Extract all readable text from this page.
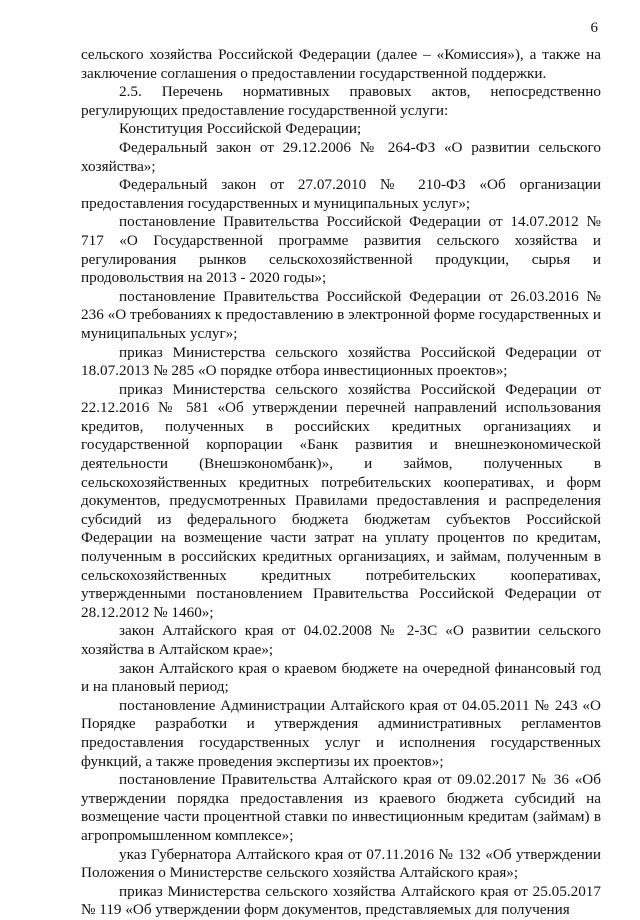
6

сельского хозяйства Российской Федерации (далее – «Комиссия»), а также на заключение соглашения о предоставлении государственной поддержки.

2.5. Перечень нормативных правовых актов, непосредственно регулирующих предоставление государственной услуги:

Конституция Российской Федерации;

Федеральный закон от 29.12.2006 № 264-ФЗ «О развитии сельского хозяйства»;

Федеральный закон от 27.07.2010 № 210-ФЗ «Об организации предоставления государственных и муниципальных услуг»;

постановление Правительства Российской Федерации от 14.07.2012 № 717 «О Государственной программе развития сельского хозяйства и регулирования рынков сельскохозяйственной продукции, сырья и продовольствия на 2013 - 2020 годы»;

постановление Правительства Российской Федерации от 26.03.2016 № 236 «О требованиях к предоставлению в электронной форме государственных и муниципальных услуг»;

приказ Министерства сельского хозяйства Российской Федерации от 18.07.2013 № 285 «О порядке отбора инвестиционных проектов»;

приказ Министерства сельского хозяйства Российской Федерации от 22.12.2016 № 581 «Об утверждении перечней направлений использования кредитов, полученных в российских кредитных организациях и государственной корпорации «Банк развития и внешнеэкономической деятельности (Внешэкономбанк)», и займов, полученных в сельскохозяйственных кредитных потребительских кооперативах, и форм документов, предусмотренных Правилами предоставления и распределения субсидий из федерального бюджета бюджетам субъектов Российской Федерации на возмещение части затрат на уплату процентов по кредитам, полученным в российских кредитных организациях, и займам, полученным в сельскохозяйственных кредитных потребительских кооперативах, утвержденными постановлением Правительства Российской Федерации от 28.12.2012 № 1460»;

закон Алтайского края от 04.02.2008 № 2-ЗС «О развитии сельского хозяйства в Алтайском крае»;

закон Алтайского края о краевом бюджете на очередной финансовый год и на плановый период;

постановление Администрации Алтайского края от 04.05.2011 № 243 «О Порядке разработки и утверждения административных регламентов предоставления государственных услуг и исполнения государственных функций, а также проведения экспертизы их проектов»;

постановление Правительства Алтайского края от 09.02.2017 № 36 «Об утверждении порядка предоставления из краевого бюджета субсидий на возмещение части процентной ставки по инвестиционным кредитам (займам) в агропромышленном комплексе»;

указ Губернатора Алтайского края от 07.11.2016 № 132 «Об утверждении Положения о Министерстве сельского хозяйства Алтайского края»;

приказ Министерства сельского хозяйства Алтайского края от 25.05.2017 № 119 «Об утверждении форм документов, представляемых для получения
